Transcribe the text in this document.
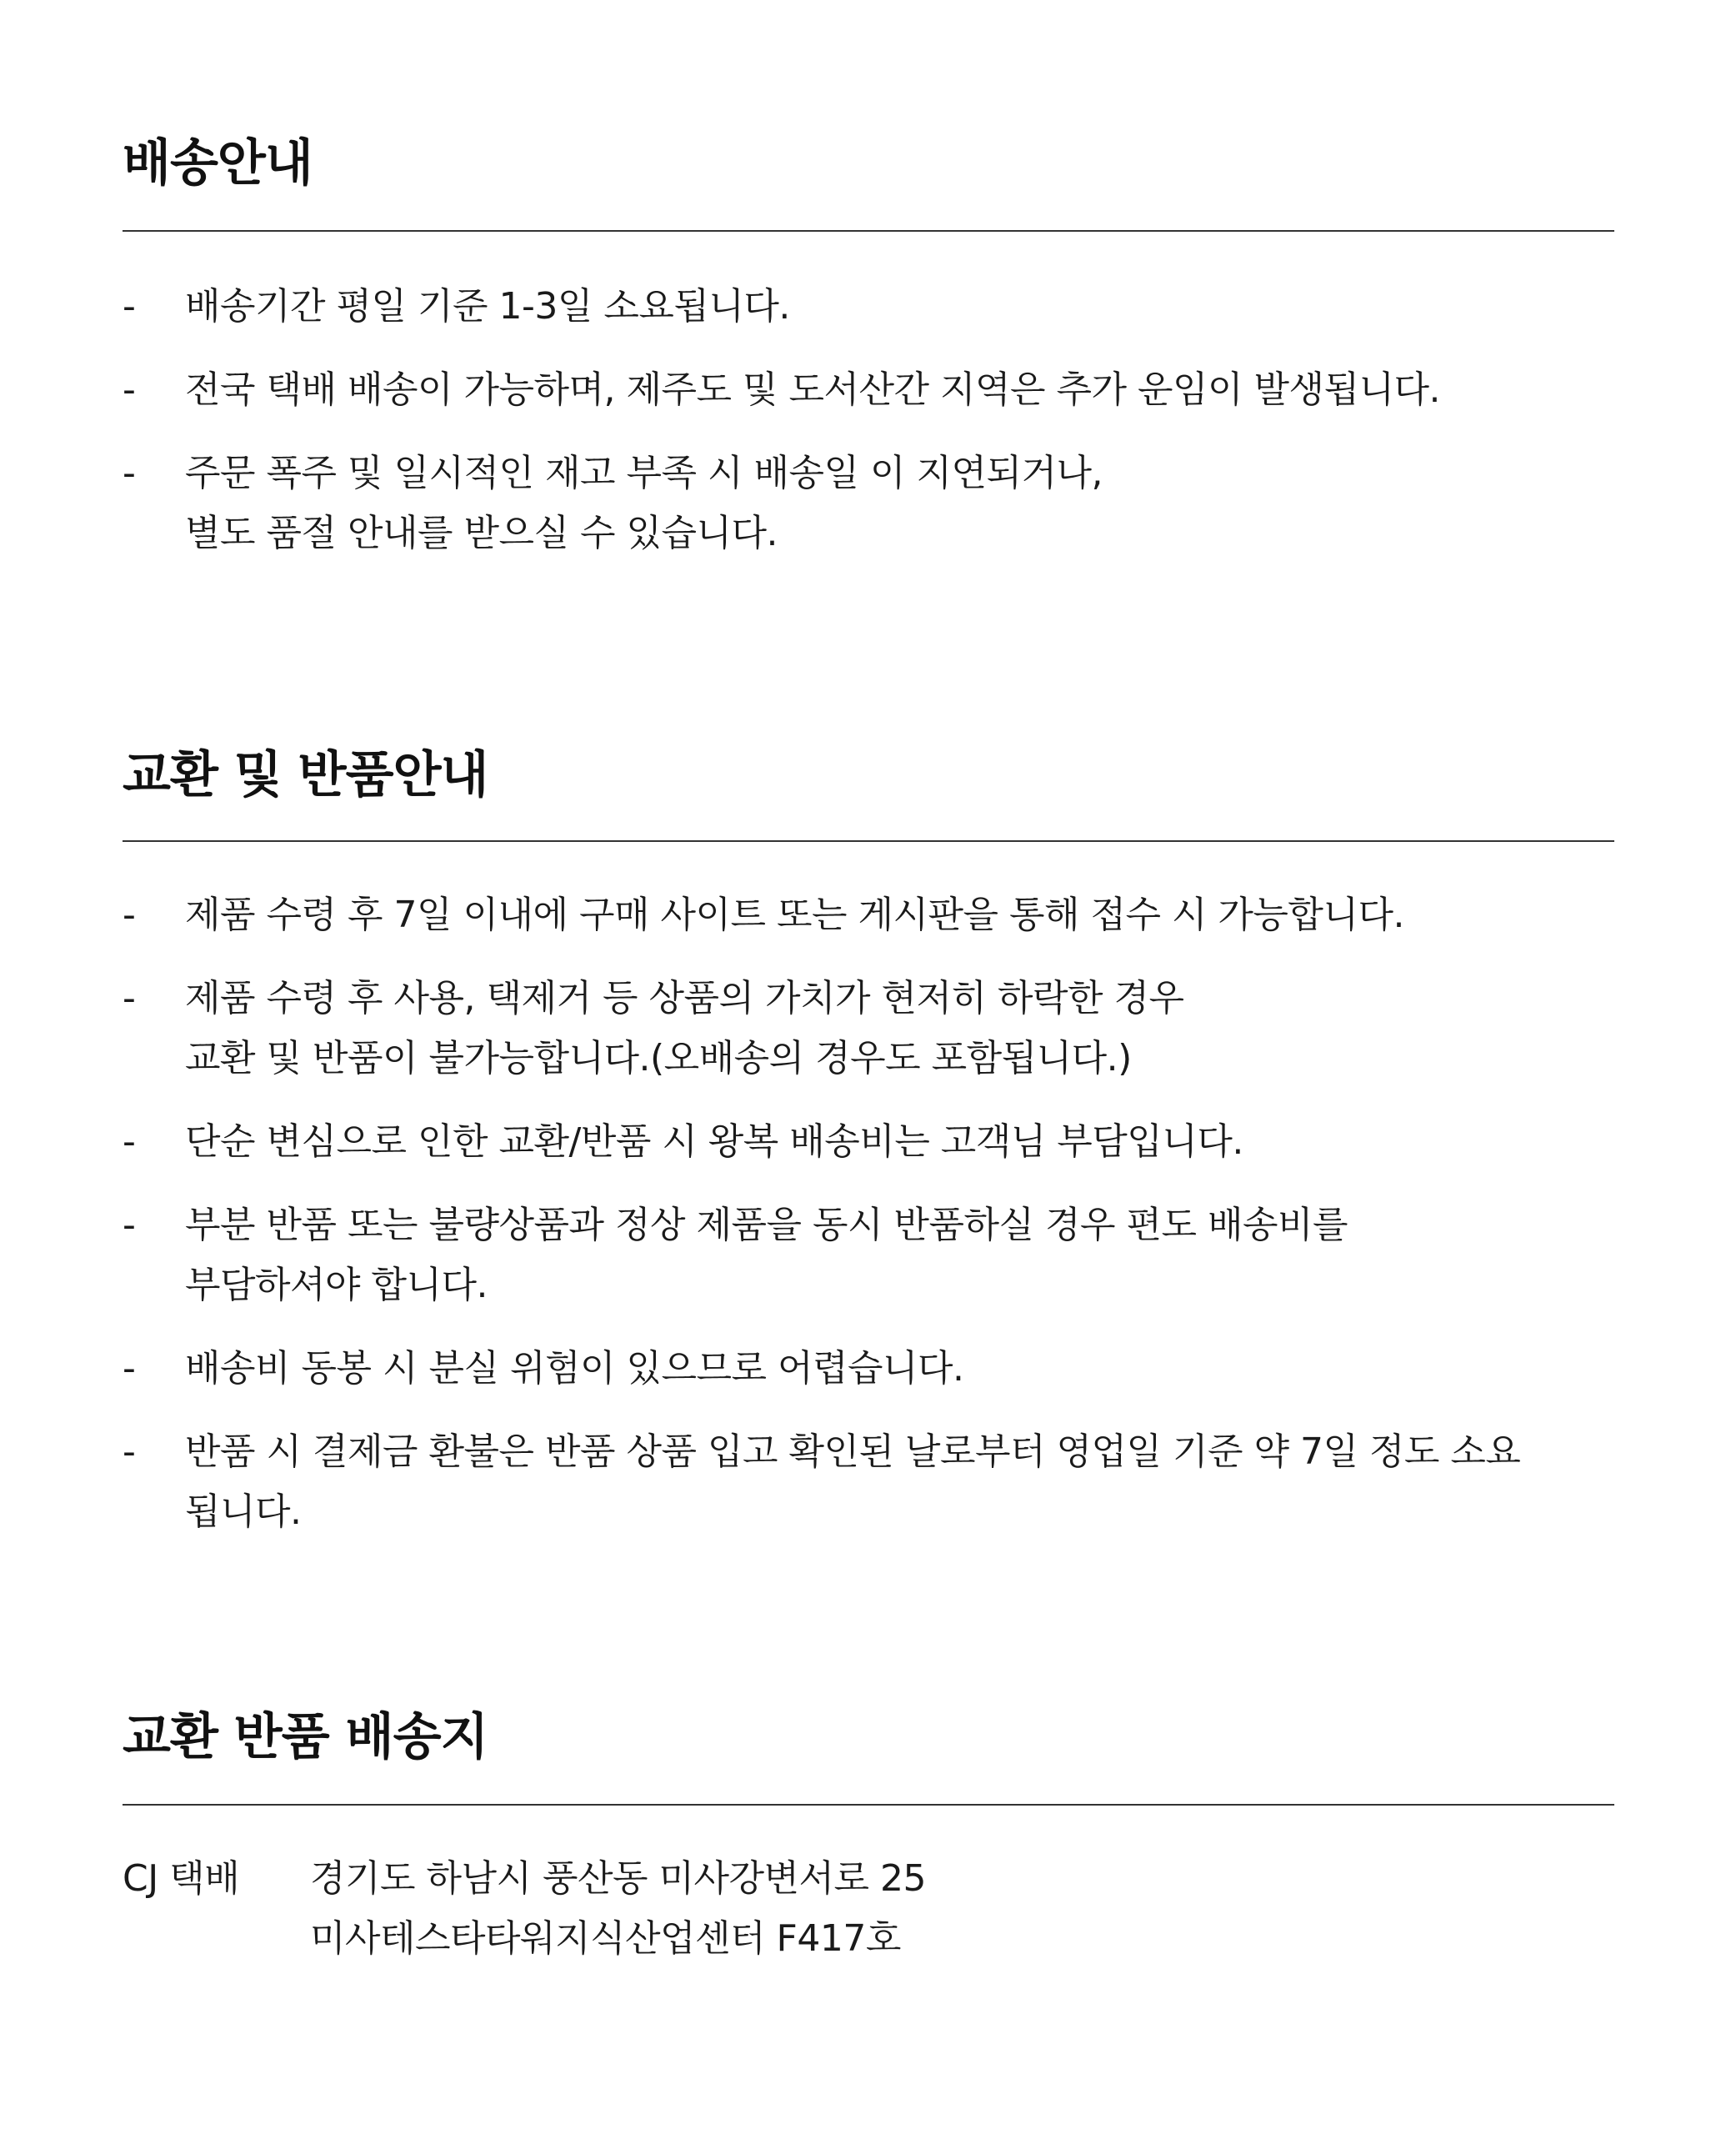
배송안내
-	배송기간 평일 기준 1-3일 소요됩니다.
-	전국 택배 배송이 가능하며, 제주도 및 도서산간 지역은 추가 운임이 발생됩니다.
-	주문 폭주 및 일시적인 재고 부족 시 배송일 이 지연되거나,
별도 품절 안내를 받으실 수 있습니다.
교환 및 반품안내
-	제품 수령 후 7일 이내에 구매 사이트 또는 게시판을 통해 접수 시 가능합니다.
-	제품 수령 후 사용, 택제거 등 상품의 가치가 현저히 하락한 경우
교환 및 반품이 불가능합니다.(오배송의 경우도 포함됩니다.)
-	단순 변심으로 인한 교환/반품 시 왕복 배송비는 고객님 부담입니다.
-	부분 반품 또는 불량상품과 정상 제품을 동시 반품하실 경우 편도 배송비를
부담하셔야 합니다.
-	배송비 동봉 시 분실 위험이 있으므로 어렵습니다.
-	반품 시 결제금 환불은 반품 상품 입고 확인된 날로부터 영업일 기준 약 7일 정도 소요
됩니다.
교환 반품 배송지
CJ 택배 경기도 하남시 풍산동 미사강변서로 25
미사테스타타워지식산업센터 F417호
